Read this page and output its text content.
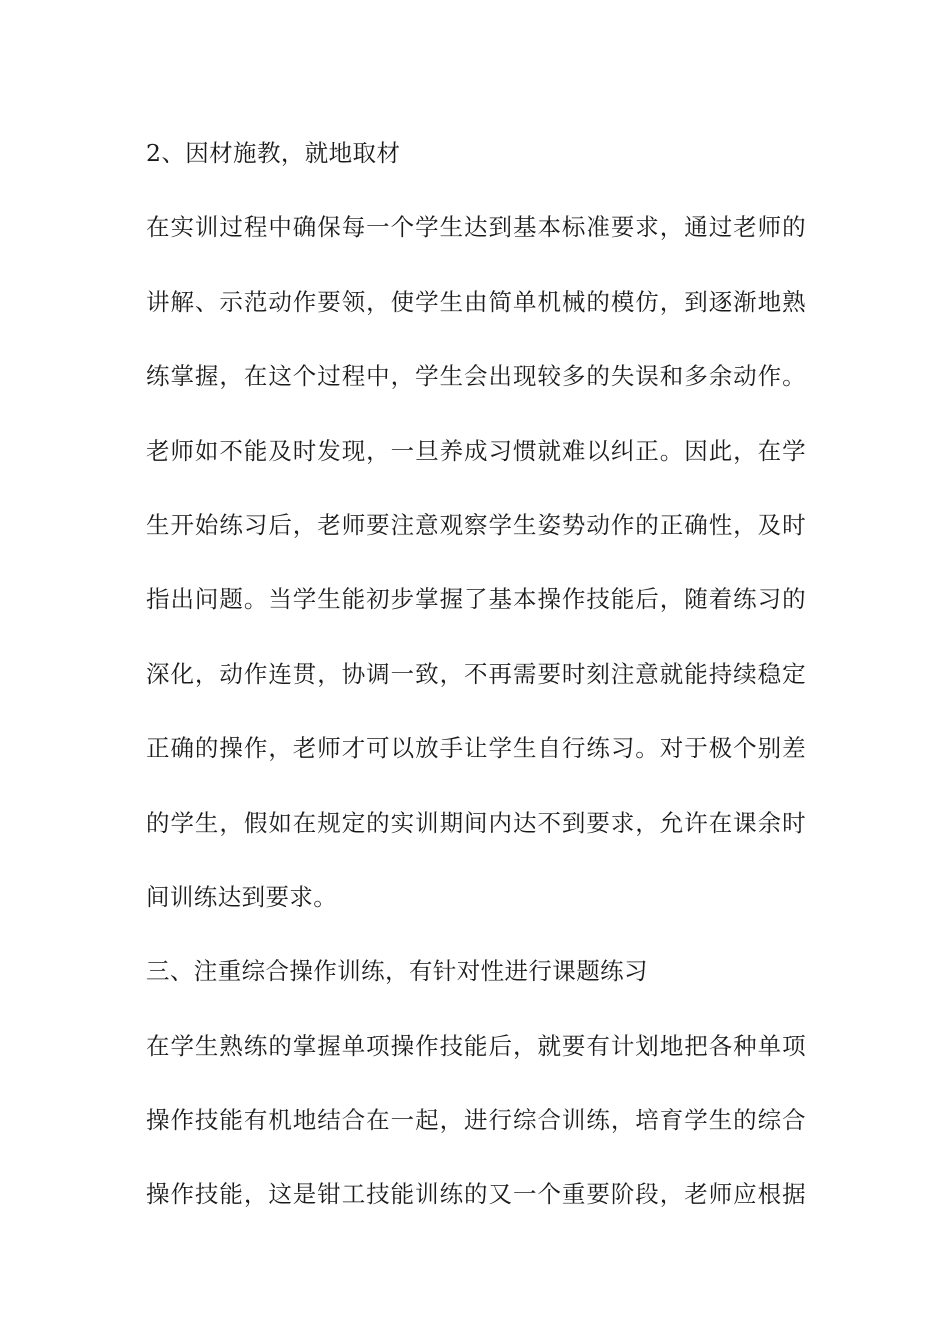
2、因材施教，就地取材
在实训过程中确保每一个学生达到基本标准要求，通过老师的
讲解、示范动作要领，使学生由简单机械的模仿，到逐渐地熟
练掌握，在这个过程中，学生会出现较多的失误和多余动作。
老师如不能及时发现，一旦养成习惯就难以纠正。因此，在学
生开始练习后，老师要注意观察学生姿势动作的正确性，及时
指出问题。当学生能初步掌握了基本操作技能后，随着练习的
深化，动作连贯，协调一致，不再需要时刻注意就能持续稳定
正确的操作，老师才可以放手让学生自行练习。对于极个别差
的学生，假如在规定的实训期间内达不到要求，允许在课余时
间训练达到要求。
三、注重综合操作训练，有针对性进行课题练习
在学生熟练的掌握单项操作技能后，就要有计划地把各种单项
操作技能有机地结合在一起，进行综合训练，培育学生的综合
操作技能，这是钳工技能训练的又一个重要阶段，老师应根据
